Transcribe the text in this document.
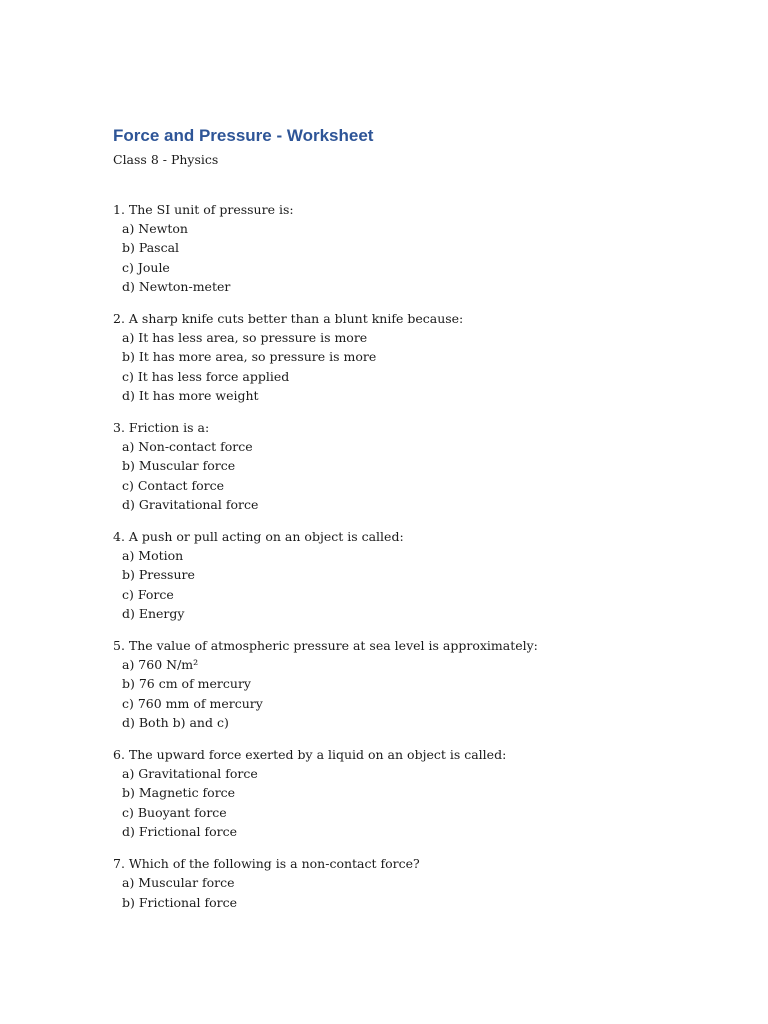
Force and Pressure - Worksheet
Class 8 - Physics
1. The SI unit of pressure is:
a) Newton
b) Pascal
c) Joule
d) Newton-meter
2. A sharp knife cuts better than a blunt knife because:
a) It has less area, so pressure is more
b) It has more area, so pressure is more
c) It has less force applied
d) It has more weight
3. Friction is a:
a) Non-contact force
b) Muscular force
c) Contact force
d) Gravitational force
4. A push or pull acting on an object is called:
a) Motion
b) Pressure
c) Force
d) Energy
5. The value of atmospheric pressure at sea level is approximately:
a) 760 N/m²
b) 76 cm of mercury
c) 760 mm of mercury
d) Both b) and c)
6. The upward force exerted by a liquid on an object is called:
a) Gravitational force
b) Magnetic force
c) Buoyant force
d) Frictional force
7. Which of the following is a non-contact force?
a) Muscular force
b) Frictional force
